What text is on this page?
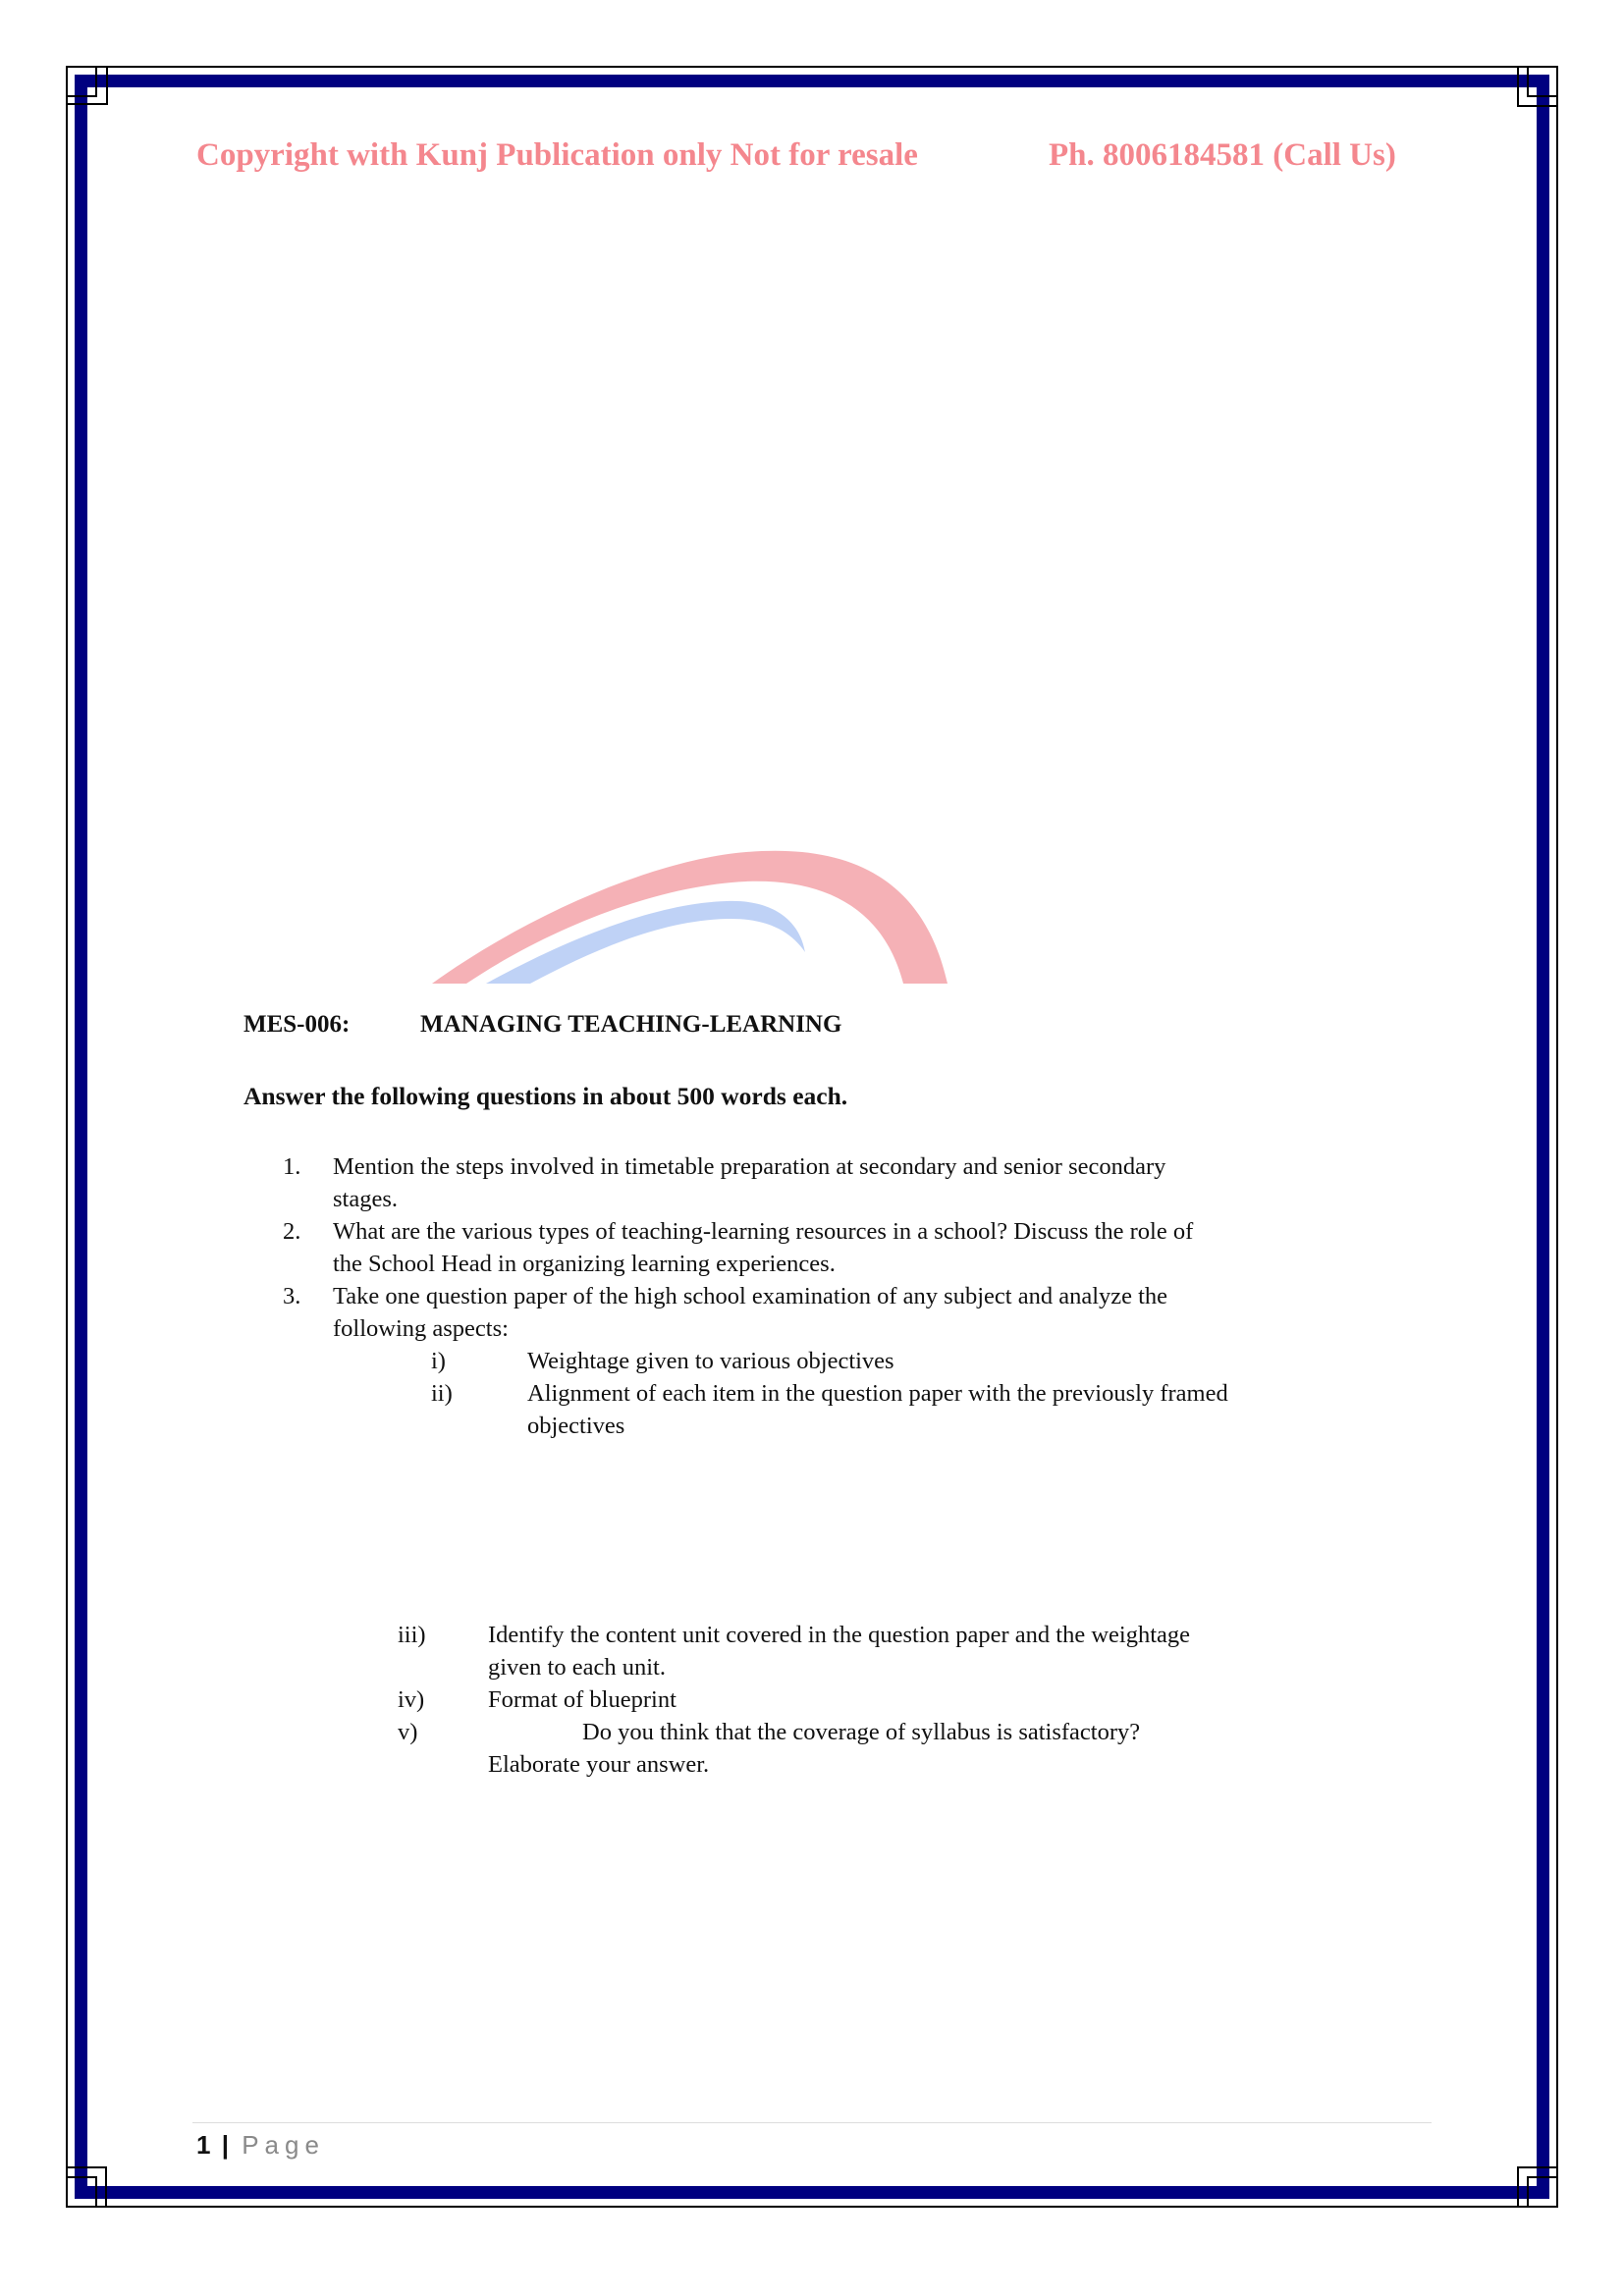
Copyright with Kunj Publication only Not for resale	Ph. 8006184581 (Call Us)
MES-006:	MANAGING TEACHING-LEARNING
Answer the following questions in about 500 words each.
1. Mention the steps involved in timetable preparation at secondary and senior secondary
stages.
2. What are the various types of teaching-learning resources in a school? Discuss the role of
the School Head in organizing learning experiences.
3. Take one question paper of the high school examination of any subject and analyze the
following aspects:
i)	Weightage given to various objectives
ii)	Alignment of each item in the question paper with the previously framed
objectives
iii)	Identify the content unit covered in the question paper and the weightage
given to each unit.
iv)	Format of blueprint
v)	Do you think that the coverage of syllabus is satisfactory?
Elaborate your answer.
1 | Page
